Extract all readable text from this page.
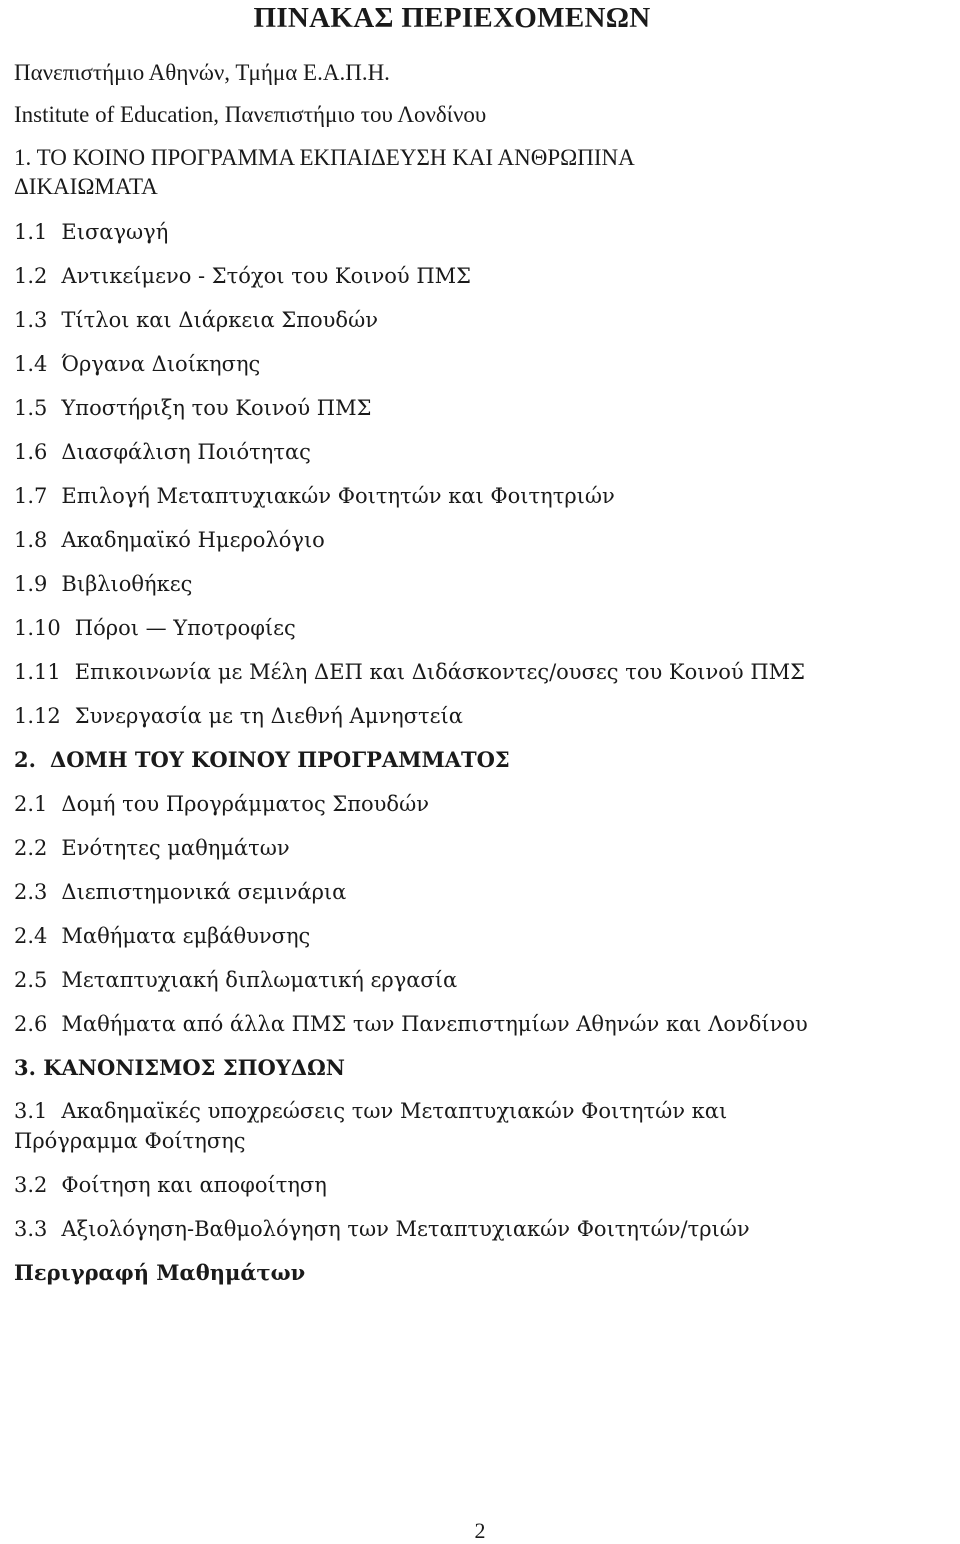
ΠΙΝΑΚΑΣ ΠΕΡΙΕΧΟΜΕΝΩΝ
Πανεπιστήμιο Αθηνών, Τμήμα Ε.Α.Π.Η.
Institute of Education, Πανεπιστήμιο του Λονδίνου
1. ΤΟ ΚΟΙΝΟ ΠΡΟΓΡΑΜΜΑ ΕΚΠΑΙΔΕΥΣΗ ΚΑΙ ΑΝΘΡΩΠΙΝΑ
ΔΙΚΑΙΩΜΑΤΑ
1.1 Εισαγωγή
1.2 Αντικείμενο - Στόχοι του Κοινού ΠΜΣ
1.3 Τίτλοι και Διάρκεια Σπουδών
1.4 Όργανα Διοίκησης
1.5 Υποστήριξη του Κοινού ΠΜΣ
1.6 Διασφάλιση Ποιότητας
1.7 Επιλογή Μεταπτυχιακών Φοιτητών και Φοιτητριών
1.8 Ακαδημαϊκό Ημερολόγιο
1.9 Βιβλιοθήκες
1.10 Πόροι — Υποτροφίες
1.11 Επικοινωνία με Μέλη ΔΕΠ και Διδάσκοντες/ουσες του Κοινού ΠΜΣ
1.12 Συνεργασία με τη Διεθνή Αμνηστεία
2. ΔΟΜΗ ΤΟΥ ΚΟΙΝΟΥ ΠΡΟΓΡΑΜΜΑΤΟΣ
2.1 Δομή του Προγράμματος Σπουδών
2.2 Ενότητες μαθημάτων
2.3 Διεπιστημονικά σεμινάρια
2.4 Μαθήματα εμβάθυνσης
2.5 Μεταπτυχιακή διπλωματική εργασία
2.6 Μαθήματα από άλλα ΠΜΣ των Πανεπιστημίων Αθηνών και Λονδίνου
3. ΚΑΝΟΝΙΣΜΟΣ ΣΠΟΥΔΩΝ
3.1 Ακαδημαϊκές υποχρεώσεις των Μεταπτυχιακών Φοιτητών και
Πρόγραμμα Φοίτησης
3.2 Φοίτηση και αποφοίτηση
3.3 Αξιολόγηση-Βαθμολόγηση των Μεταπτυχιακών Φοιτητών/τριών
Περιγραφή Μαθημάτων
2
